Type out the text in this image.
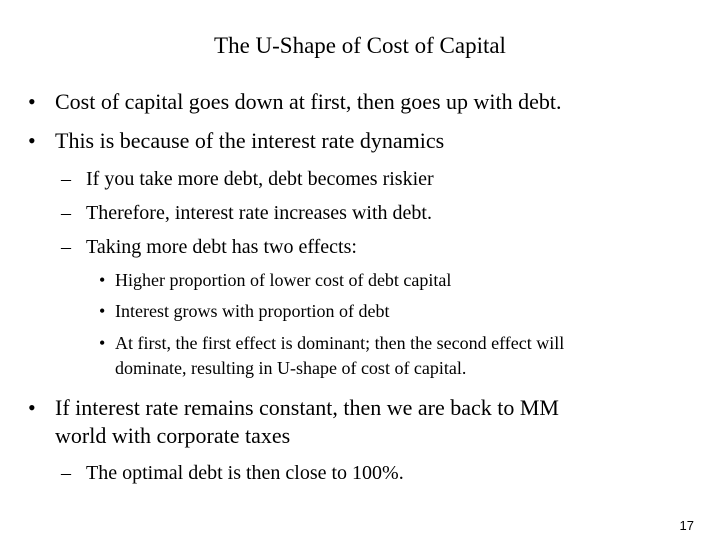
The U-Shape of Cost of Capital
• Cost of capital goes down at first, then goes up with debt.
• This is because of the interest rate dynamics
– If you take more debt, debt becomes riskier
– Therefore, interest rate increases with debt.
– Taking more debt has two effects:
• Higher proportion of lower cost of debt capital
• Interest grows with proportion of debt
• At first, the first effect is dominant; then the second effect will
dominate, resulting in U-shape of cost of capital.
• If interest rate remains constant, then we are back to MM
world with corporate taxes
– The optimal debt is then close to 100%.
17
